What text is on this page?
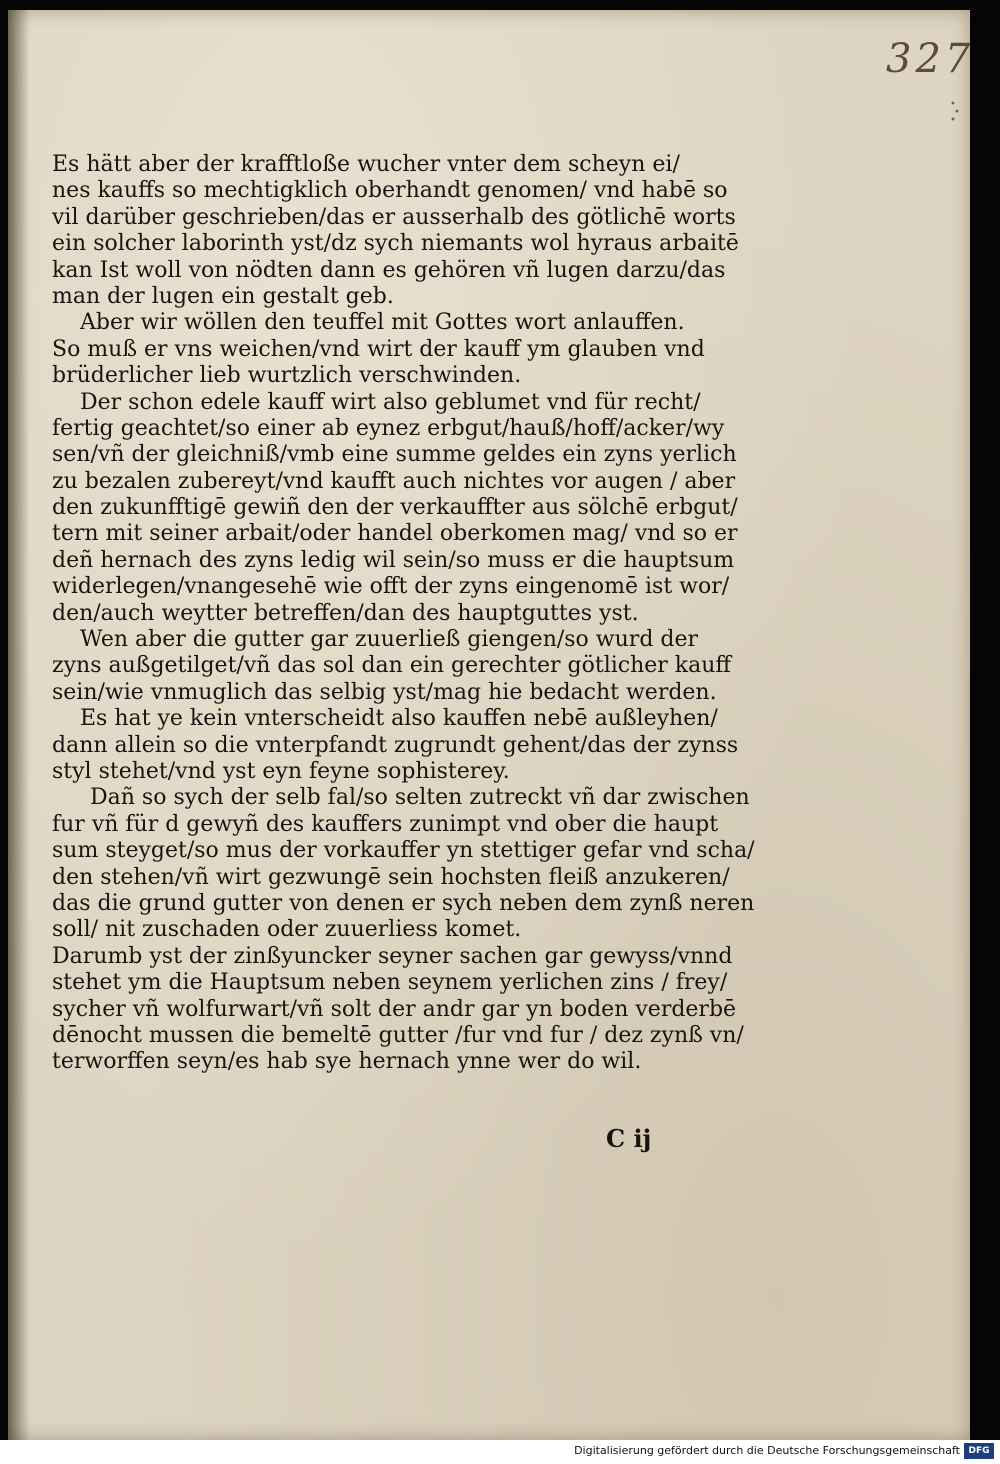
327
Es hätt aber der krafftloße wucher vnter dem scheyn ei/
nes kauffs so mechtigklich oberhandt genomen/ vnd habē so
vil darüber geschrieben/das er ausserhalb des götlichē worts
ein solcher laborinth yst/dz sych niemants wol hyraus arbaitē
kan Ist woll von nödten dann es gehören vñ lugen darzu/das
man der lugen ein gestalt geb.
Aber wir wöllen den teuffel mit Gottes wort anlauffen.
So muß er vns weichen/vnd wirt der kauff ym glauben vnd
brüderlicher lieb wurtzlich verschwinden.
Der schon edele kauff wirt also geblumet vnd für recht/
fertig geachtet/so einer ab eynez erbgut/hauß/hoff/acker/wy
sen/vñ der gleichniß/vmb eine summe geldes ein zyns yerlich
zu bezalen zubereyt/vnd kaufft auch nichtes vor augen / aber
den zukunfftigē gewiñ den der verkauffter aus sölchē erbgut/
tern mit seiner arbait/oder handel oberkomen mag/ vnd so er
deñ hernach des zyns ledig wil sein/so muss er die hauptsum
widerlegen/vnangesehē wie offt der zyns eingenomē ist wor/
den/auch weytter betreffen/dan des hauptguttes yst.
Wen aber die gutter gar zuuerließ giengen/so wurd der
zyns außgetilget/vñ das sol dan ein gerechter götlicher kauff
sein/wie vnmuglich das selbig yst/mag hie bedacht werden.
Es hat ye kein vnterscheidt also kauffen nebē außleyhen/
dann allein so die vnterpfandt zugrundt gehent/das der zynss
styl stehet/vnd yst eyn feyne sophisterey.
Dañ so sych der selb fal/so selten zutreckt vñ dar zwischen
fur vñ für d gewyñ des kauffers zunimpt vnd ober die haupt
sum steyget/so mus der vorkauffer yn stettiger gefar vnd scha/
den stehen/vñ wirt gezwungē sein hochsten fleiß anzukeren/
das die grund gutter von denen er sych neben dem zynß neren
soll/ nit zuschaden oder zuuerliess komet.
Darumb yst der zinßyuncker seyner sachen gar gewyss/vnnd
stehet ym die Hauptsum neben seynem yerlichen zins / frey/
sycher vñ wolfurwart/vñ solt der andr gar yn boden verderbē
dēnocht mussen die bemeltē gutter /fur vnd fur / dez zynß vn/
terworffen seyn/es hab sye hernach ynne wer do wil.
C ij
Digitalisierung gefördert durch die Deutsche Forschungsgemeinschaft DFG
